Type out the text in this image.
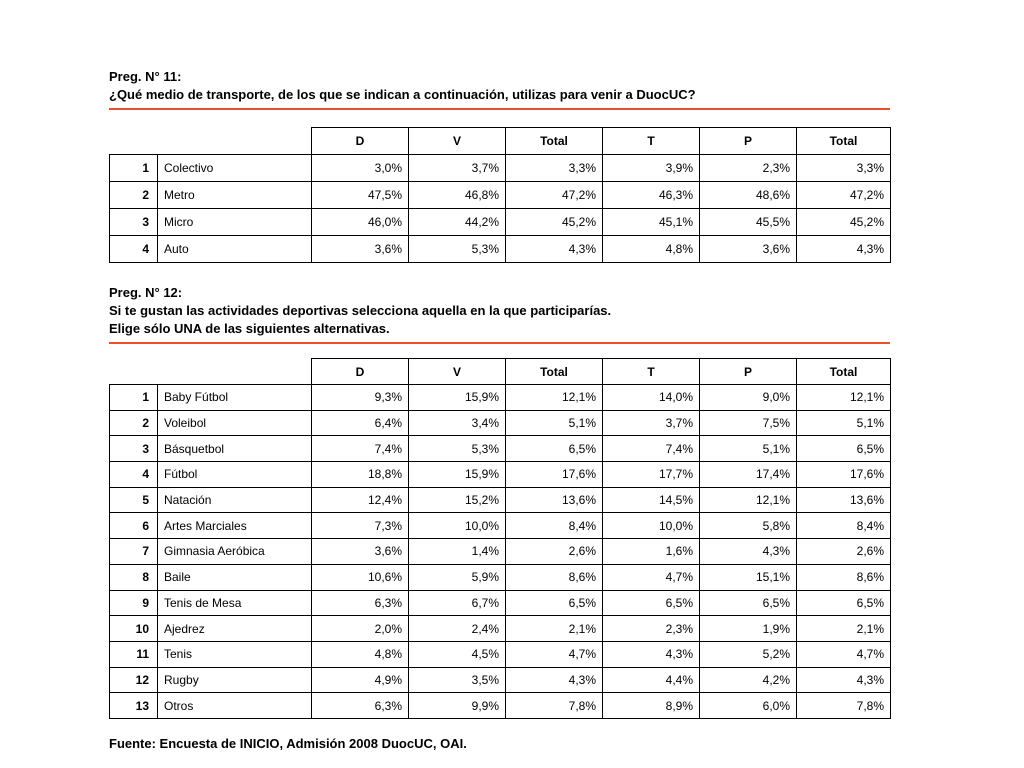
Preg. N° 11:
¿Qué medio de transporte, de los que se indican a continuación, utilizas para venir a DuocUC?
		D	V	Total	T	P	Total
1	Colectivo	3,0%	3,7%	3,3%	3,9%	2,3%	3,3%
2	Metro	47,5%	46,8%	47,2%	46,3%	48,6%	47,2%
3	Micro	46,0%	44,2%	45,2%	45,1%	45,5%	45,2%
4	Auto	3,6%	5,3%	4,3%	4,8%	3,6%	4,3%
Preg. N° 12:
Si te gustan las actividades deportivas selecciona aquella en la que participarías.
Elige sólo UNA de las siguientes alternativas.
		D	V	Total	T	P	Total
1	Baby Fútbol	9,3%	15,9%	12,1%	14,0%	9,0%	12,1%
2	Voleibol	6,4%	3,4%	5,1%	3,7%	7,5%	5,1%
3	Básquetbol	7,4%	5,3%	6,5%	7,4%	5,1%	6,5%
4	Fútbol	18,8%	15,9%	17,6%	17,7%	17,4%	17,6%
5	Natación	12,4%	15,2%	13,6%	14,5%	12,1%	13,6%
6	Artes Marciales	7,3%	10,0%	8,4%	10,0%	5,8%	8,4%
7	Gimnasia Aeróbica	3,6%	1,4%	2,6%	1,6%	4,3%	2,6%
8	Baile	10,6%	5,9%	8,6%	4,7%	15,1%	8,6%
9	Tenis de Mesa	6,3%	6,7%	6,5%	6,5%	6,5%	6,5%
10	Ajedrez	2,0%	2,4%	2,1%	2,3%	1,9%	2,1%
11	Tenis	4,8%	4,5%	4,7%	4,3%	5,2%	4,7%
12	Rugby	4,9%	3,5%	4,3%	4,4%	4,2%	4,3%
13	Otros	6,3%	9,9%	7,8%	8,9%	6,0%	7,8%
Fuente: Encuesta de INICIO, Admisión 2008 DuocUC, OAI.
